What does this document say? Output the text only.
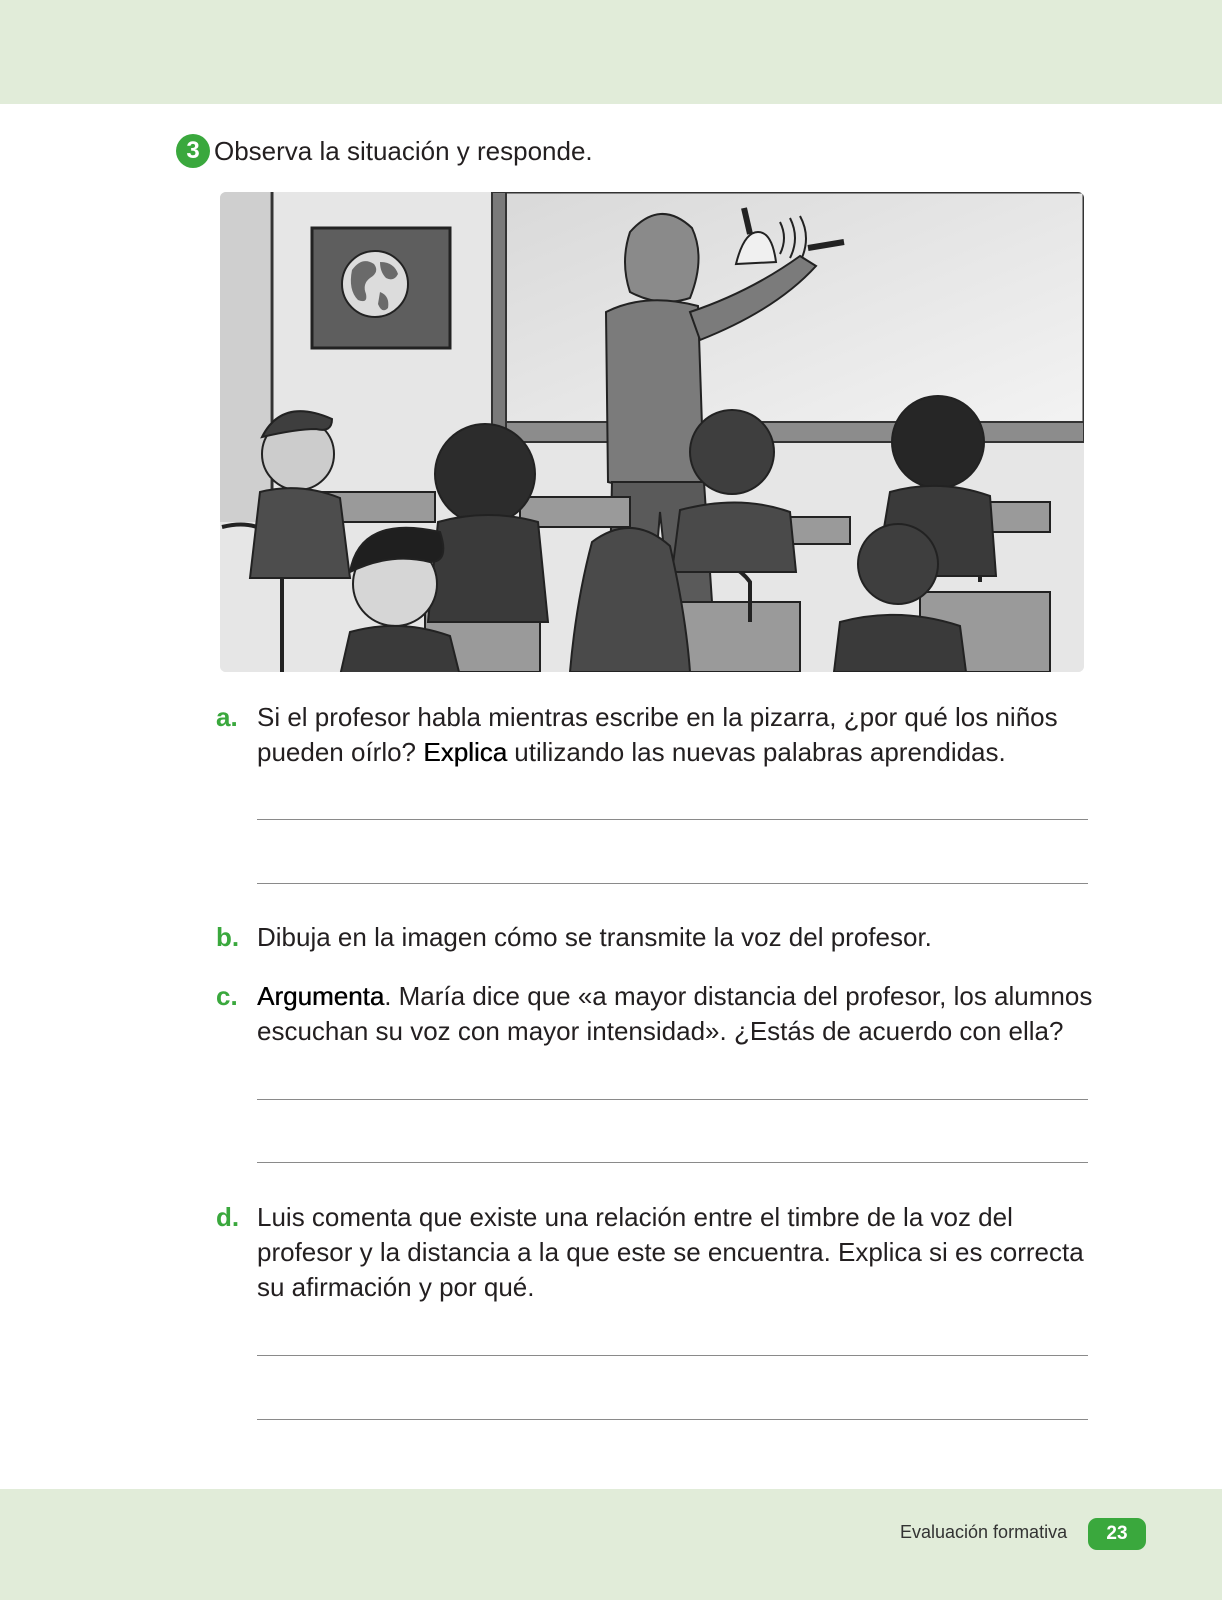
3 Observa la situación y responde.
a. Si el profesor habla mientras escribe en la pizarra, ¿por qué los niños pueden oírlo? Explica utilizando las nuevas palabras aprendidas.
b. Dibuja en la imagen cómo se transmite la voz del profesor.
c. Argumenta. María dice que «a mayor distancia del profesor, los alumnos escuchan su voz con mayor intensidad». ¿Estás de acuerdo con ella?
d. Luis comenta que existe una relación entre el timbre de la voz del profesor y la distancia a la que este se encuentra. Explica si es correcta su afirmación y por qué.
Evaluación formativa	23
